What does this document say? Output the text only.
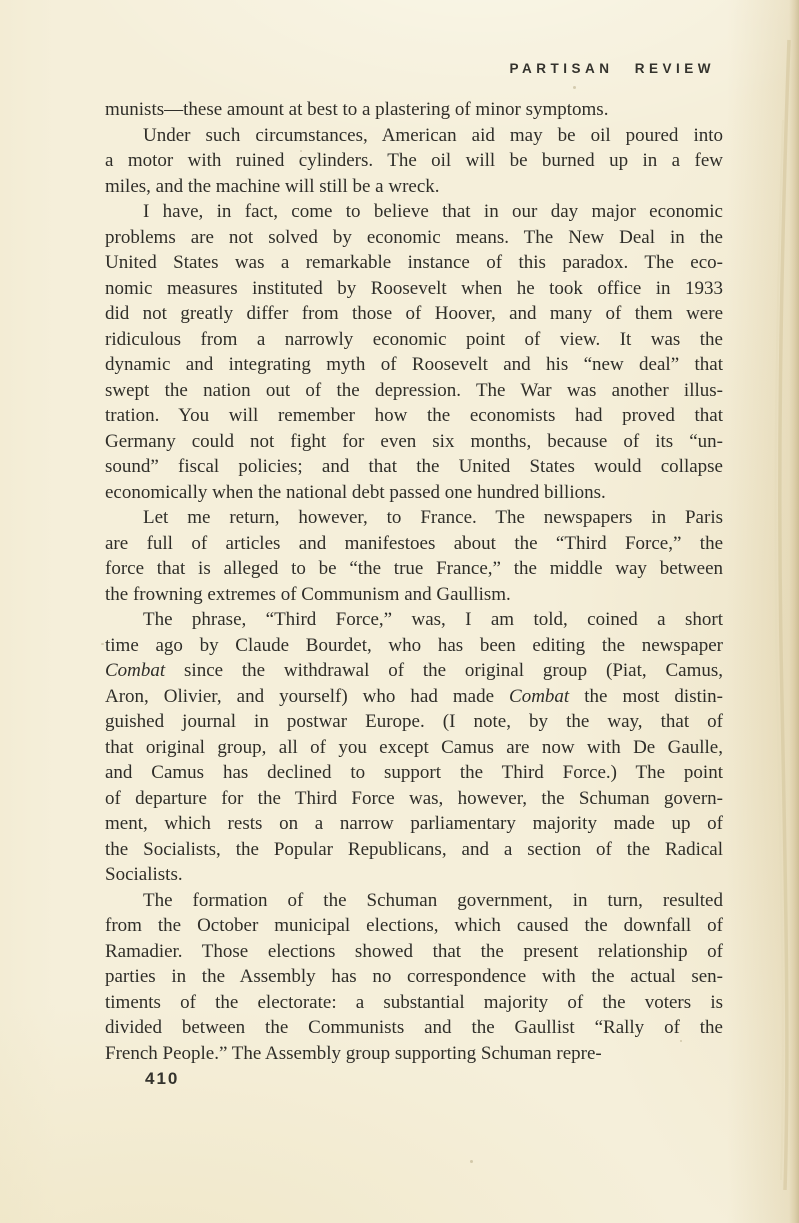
PARTISAN REVIEW
munists—these amount at best to a plastering of minor symptoms.
Under such circumstances, American aid may be oil poured into
a motor with ruined cylinders. The oil will be burned up in a few
miles, and the machine will still be a wreck.
I have, in fact, come to believe that in our day major economic
problems are not solved by economic means. The New Deal in the
United States was a remarkable instance of this paradox. The eco-
nomic measures instituted by Roosevelt when he took office in 1933
did not greatly differ from those of Hoover, and many of them were
ridiculous from a narrowly economic point of view. It was the
dynamic and integrating myth of Roosevelt and his “new deal” that
swept the nation out of the depression. The War was another illus-
tration. You will remember how the economists had proved that
Germany could not fight for even six months, because of its “un-
sound” fiscal policies; and that the United States would collapse
economically when the national debt passed one hundred billions.
Let me return, however, to France. The newspapers in Paris
are full of articles and manifestoes about the “Third Force,” the
force that is alleged to be “the true France,” the middle way between
the frowning extremes of Communism and Gaullism.
The phrase, “Third Force,” was, I am told, coined a short
time ago by Claude Bourdet, who has been editing the newspaper
Combat since the withdrawal of the original group (Piat, Camus,
Aron, Olivier, and yourself) who had made Combat the most distin-
guished journal in postwar Europe. (I note, by the way, that of
that original group, all of you except Camus are now with De Gaulle,
and Camus has declined to support the Third Force.) The point
of departure for the Third Force was, however, the Schuman govern-
ment, which rests on a narrow parliamentary majority made up of
the Socialists, the Popular Republicans, and a section of the Radical
Socialists.
The formation of the Schuman government, in turn, resulted
from the October municipal elections, which caused the downfall of
Ramadier. Those elections showed that the present relationship of
parties in the Assembly has no correspondence with the actual sen-
timents of the electorate: a substantial majority of the voters is
divided between the Communists and the Gaullist “Rally of the
French People.” The Assembly group supporting Schuman repre-
410
